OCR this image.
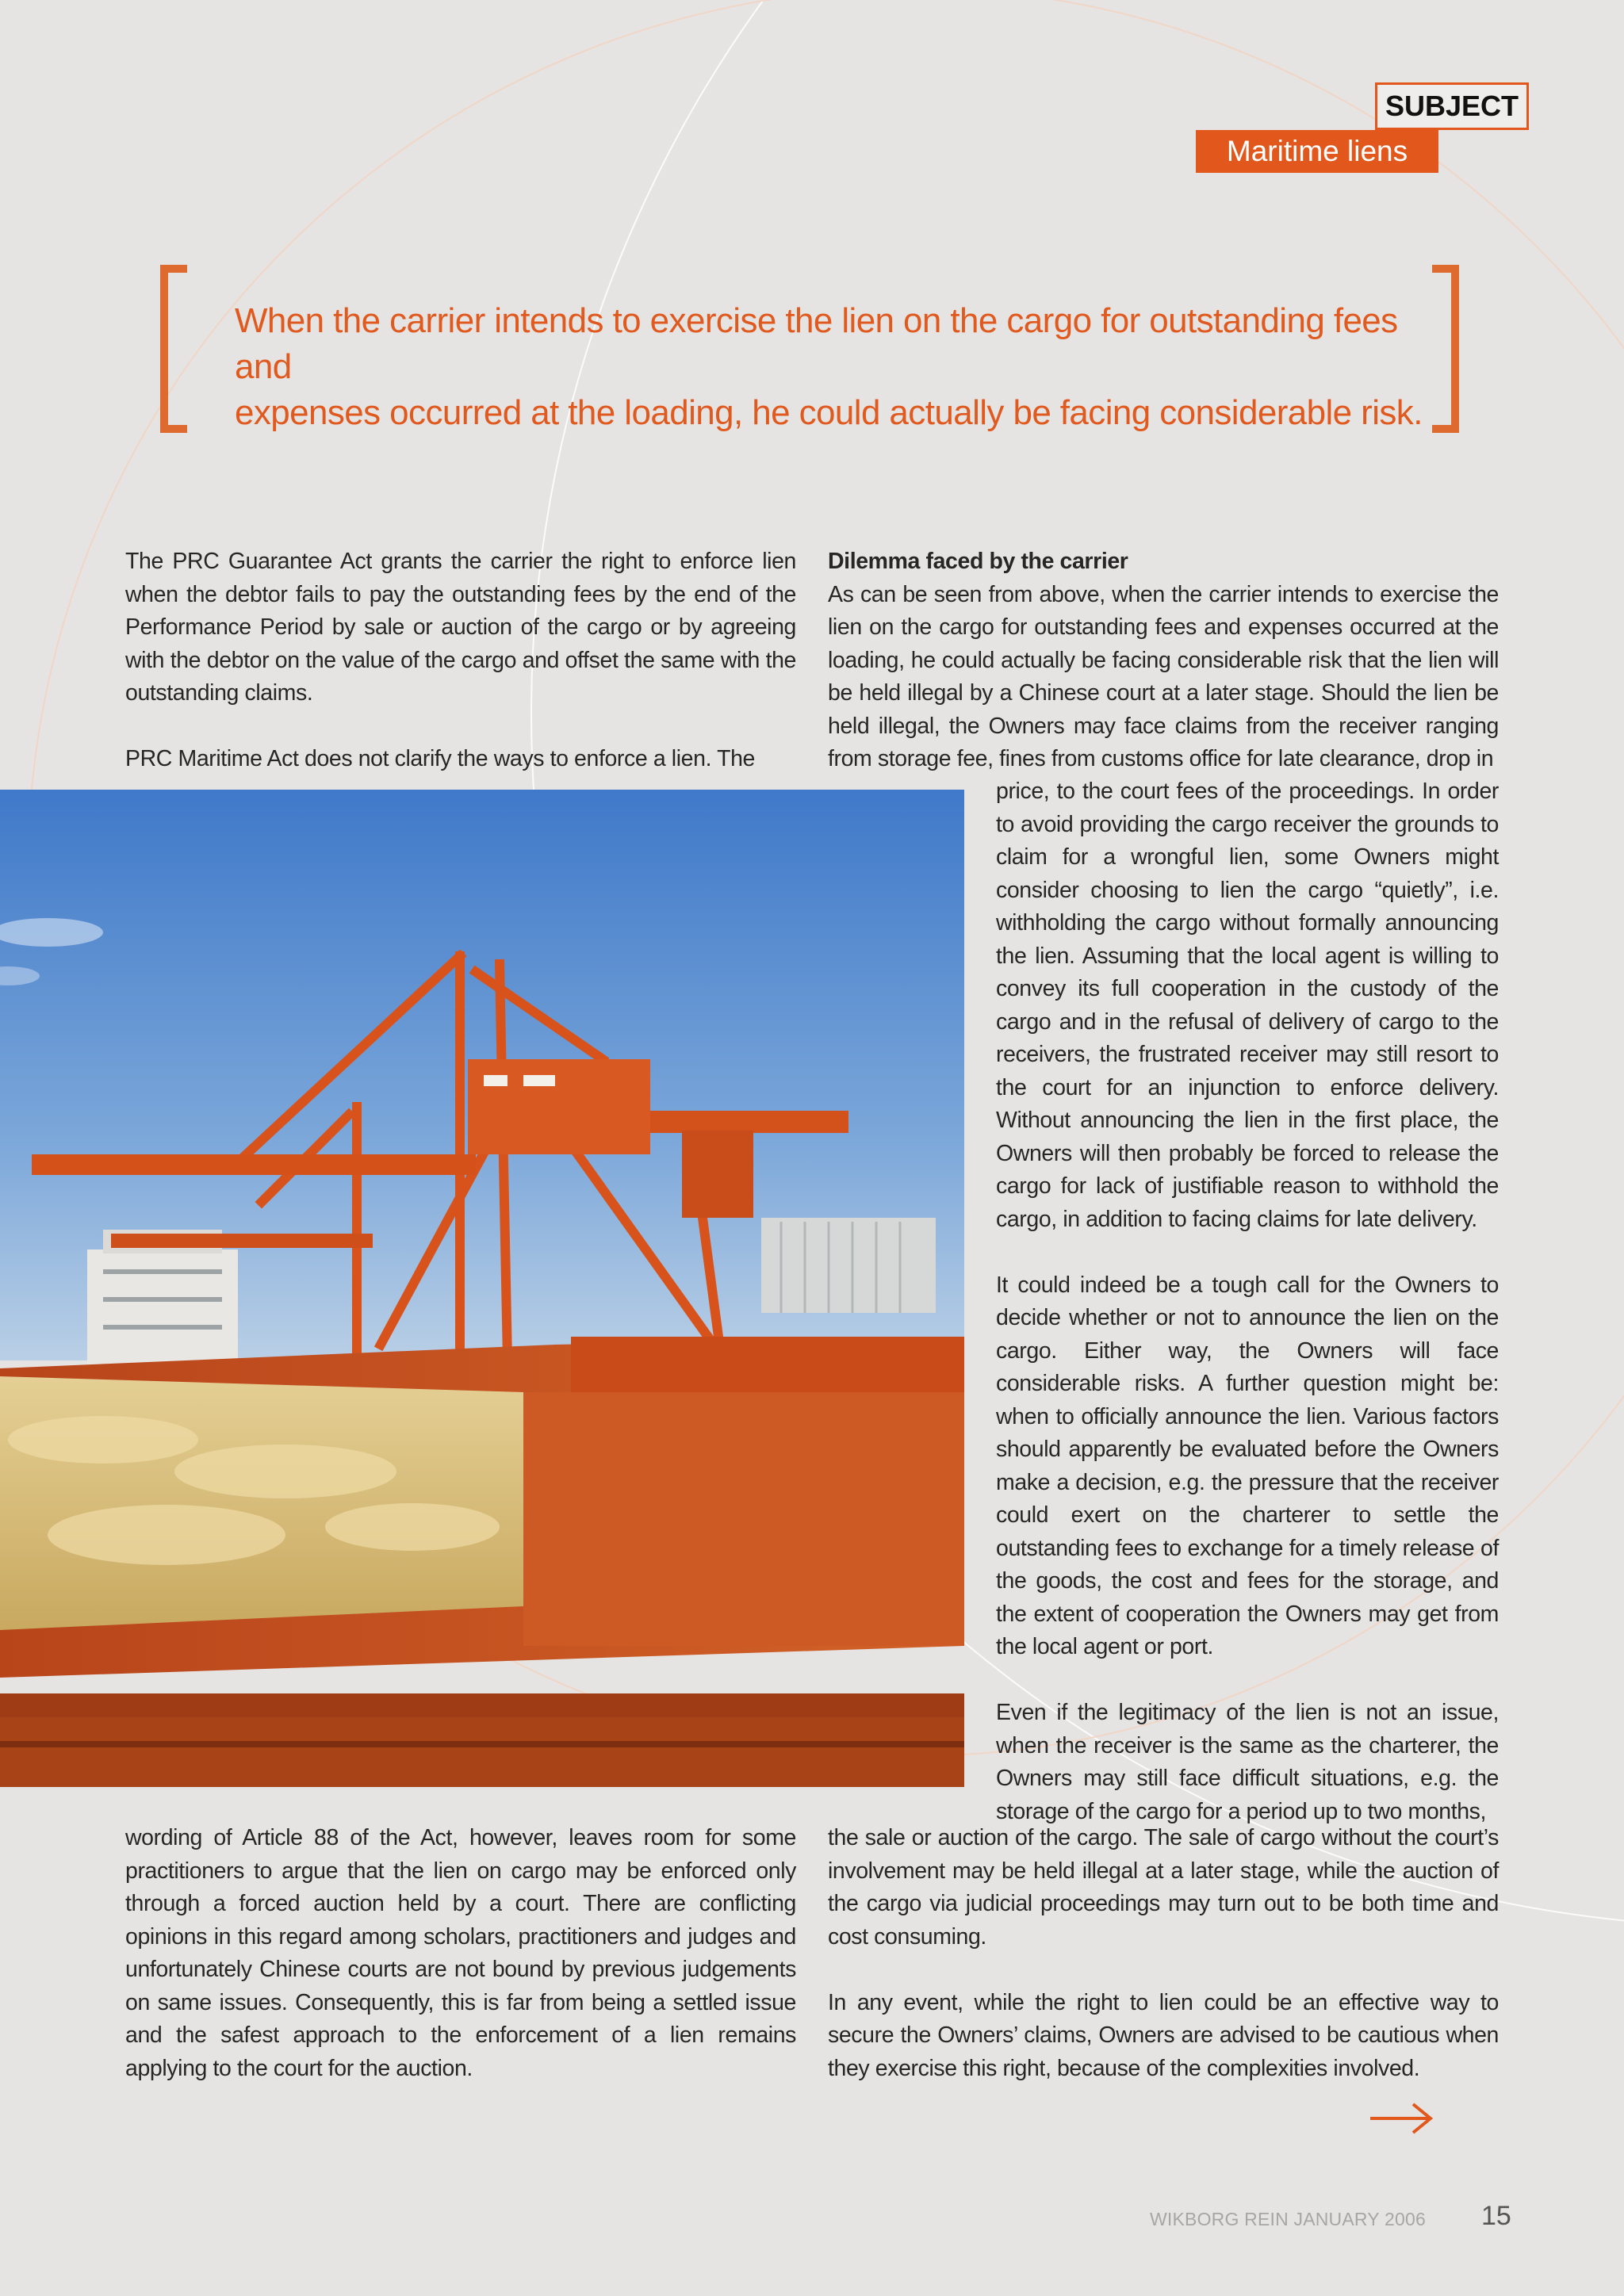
SUBJECT
Maritime liens
When the carrier intends to exercise the lien on the cargo for outstanding fees and
expenses occurred at the loading, he could actually be facing considerable risk.

The PRC Guarantee Act grants the carrier the right to enforce lien when the debtor fails to pay the outstanding fees by the end of the Performance Period by sale or auction of the cargo or by agreeing with the debtor on the value of the cargo and offset the same with the outstanding claims.

PRC Maritime Act does not clarify the ways to enforce a lien. The

Dilemma faced by the carrier

As can be seen from above, when the carrier intends to exercise the lien on the cargo for outstanding fees and expenses occurred at the loading, he could actually be facing considerable risk that the lien will be held illegal by a Chinese court at a later stage. Should the lien be held illegal, the Owners may face claims from the receiver ranging from storage fee, fines from customs office for late clearance, drop in

price, to the court fees of the proceedings. In order to avoid providing the cargo receiver the grounds to claim for a wrongful lien, some Owners might consider choosing to lien the cargo “quietly”, i.e. withholding the cargo without formally announcing the lien. Assuming that the local agent is willing to convey its full cooperation in the custody of the cargo and in the refusal of delivery of cargo to the receivers, the frustrated receiver may still resort to the court for an injunction to enforce delivery. Without announcing the lien in the first place, the Owners will then probably be forced to release the cargo for lack of justifiable reason to withhold the cargo, in addition to facing claims for late delivery.

It could indeed be a tough call for the Owners to decide whether or not to announce the lien on the cargo. Either way, the Owners will face considerable risks. A further question might be: when to officially announce the lien. Various factors should apparently be evaluated before the Owners make a decision, e.g. the pressure that the receiver could exert on the charterer to settle the outstanding fees to exchange for a timely release of the goods, the cost and fees for the storage, and the extent of cooperation the Owners may get from the local agent or port.

Even if the legitimacy of the lien is not an issue, when the receiver is the same as the charterer, the Owners may still face difficult situations, e.g. the storage of the cargo for a period up to two months,

wording of Article 88 of the Act, however, leaves room for some practitioners to argue that the lien on cargo may be enforced only through a forced auction held by a court. There are conflicting opinions in this regard among scholars, practitioners and judges and unfortunately Chinese courts are not bound by previous judgements on same issues. Consequently, this is far from being a settled issue and the safest approach to the enforcement of a lien remains applying to the court for the auction.

the sale or auction of the cargo. The sale of cargo without the court’s involvement may be held illegal at a later stage, while the auction of the cargo via judicial proceedings may turn out to be both time and cost consuming.

In any event, while the right to lien could be an effective way to secure the Owners’ claims, Owners are advised to be cautious when they exercise this right, because of the complexities involved.

WIKBORG REIN JANUARY 2006 15
